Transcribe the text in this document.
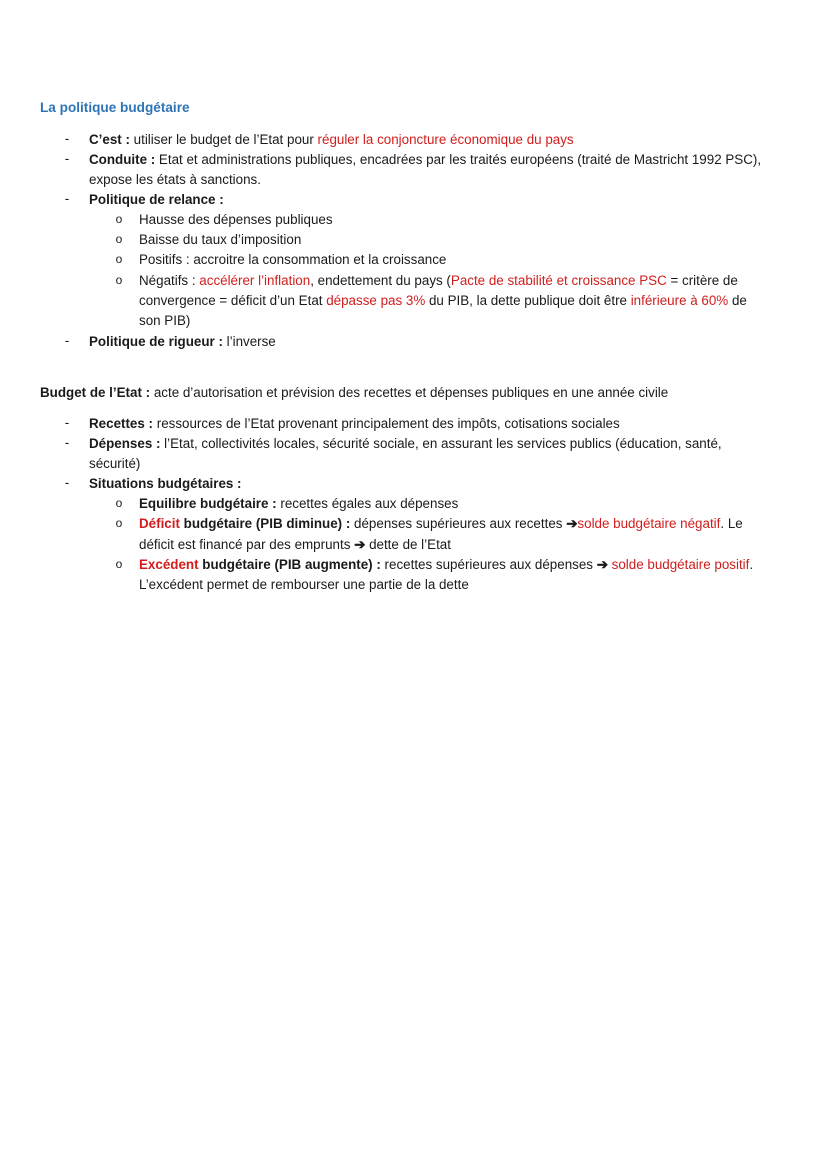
La politique budgétaire
- C’est : utiliser le budget de l’Etat pour réguler la conjoncture économique du pays
- Conduite : Etat et administrations publiques, encadrées par les traités européens (traité de Mastricht 1992 PSC),
expose les états à sanctions.
- Politique de relance :
o Hausse des dépenses publiques
o Baisse du taux d’imposition
o Positifs : accroitre la consommation et la croissance
o Négatifs : accélérer l’inflation, endettement du pays (Pacte de stabilité et croissance PSC = critère de
convergence = déficit d’un Etat dépasse pas 3% du PIB, la dette publique doit être inférieure à 60% de
son PIB)
- Politique de rigueur : l’inverse
Budget de l’Etat : acte d’autorisation et prévision des recettes et dépenses publiques en une année civile
- Recettes : ressources de l’Etat provenant principalement des impôts, cotisations sociales
- Dépenses : l’Etat, collectivités locales, sécurité sociale, en assurant les services publics (éducation, santé,
sécurité)
- Situations budgétaires :
o Equilibre budgétaire : recettes égales aux dépenses
o Déficit budgétaire (PIB diminue) : dépenses supérieures aux recettes ➔solde budgétaire négatif. Le
déficit est financé par des emprunts ➔ dette de l’Etat
o Excédent budgétaire (PIB augmente) : recettes supérieures aux dépenses ➔ solde budgétaire positif.
L’excédent permet de rembourser une partie de la dette
